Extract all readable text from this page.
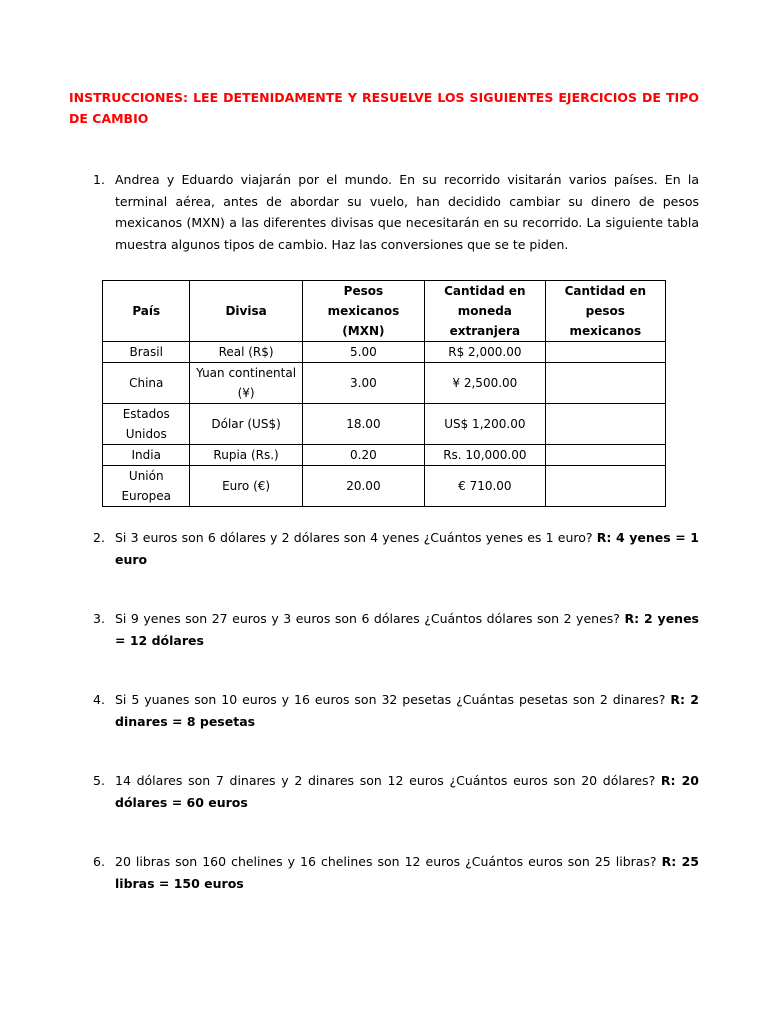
INSTRUCCIONES: LEE DETENIDAMENTE Y RESUELVE LOS SIGUIENTES EJERCICIOS DE TIPO DE CAMBIO
1. Andrea y Eduardo viajarán por el mundo. En su recorrido visitarán varios países. En la terminal aérea, antes de abordar su vuelo, han decidido cambiar su dinero de pesos mexicanos (MXN) a las diferentes divisas que necesitarán en su recorrido. La siguiente tabla muestra algunos tipos de cambio. Haz las conversiones que se te piden.
País	Divisa	Pesos mexicanos (MXN)	Cantidad en moneda extranjera	Cantidad en pesos mexicanos
Brasil	Real (R$)	5.00	R$ 2,000.00	
China	Yuan continental (¥)	3.00	¥ 2,500.00	
Estados Unidos	Dólar (US$)	18.00	US$ 1,200.00	
India	Rupia (Rs.)	0.20	Rs. 10,000.00	
Unión Europea	Euro (€)	20.00	€ 710.00	
2. Si 3 euros son 6 dólares y 2 dólares son 4 yenes ¿Cuántos yenes es 1 euro? R: 4 yenes = 1 euro
3. Si 9 yenes son 27 euros y 3 euros son 6 dólares ¿Cuántos dólares son 2 yenes? R: 2 yenes = 12 dólares
4. Si 5 yuanes son 10 euros y 16 euros son 32 pesetas ¿Cuántas pesetas son 2 dinares? R: 2 dinares = 8 pesetas
5. 14 dólares son 7 dinares y 2 dinares son 12 euros ¿Cuántos euros son 20 dólares? R: 20 dólares = 60 euros
6. 20 libras son 160 chelines y 16 chelines son 12 euros ¿Cuántos euros son 25 libras? R: 25 libras = 150 euros
